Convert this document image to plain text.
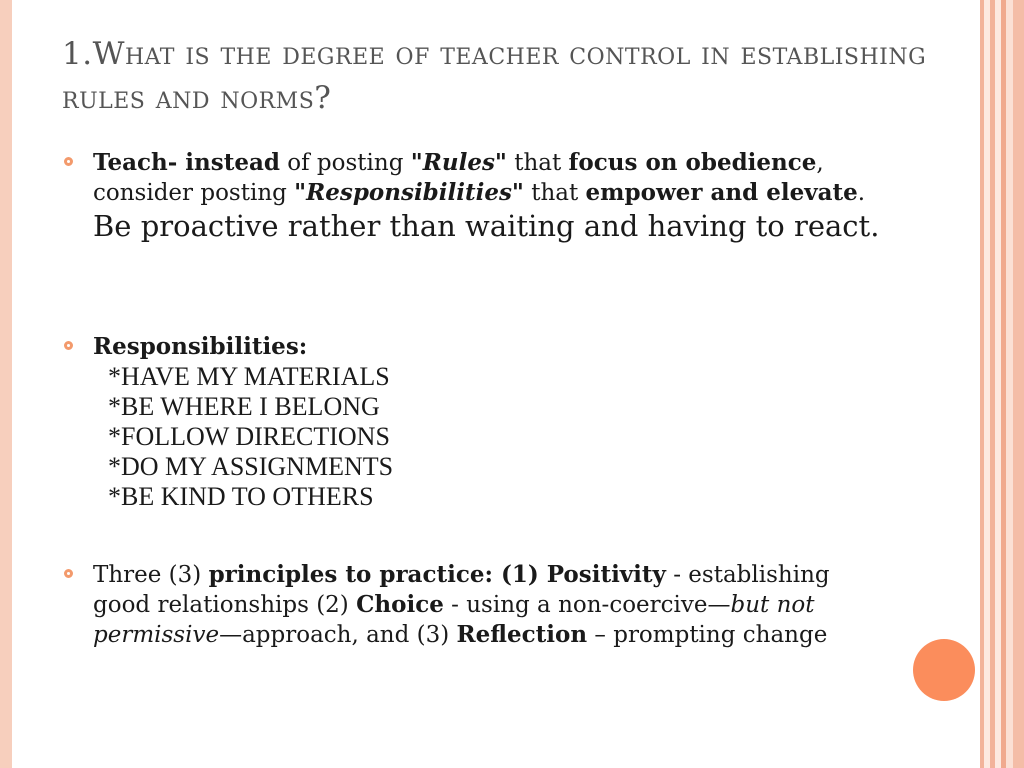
1.What is the degree of teacher control in establishing rules and norms?
Teach- instead of posting "Rules" that focus on obedience, consider posting "Responsibilities" that empower and elevate. Be proactive rather than waiting and having to react.
Responsibilities:
*HAVE MY MATERIALS
*BE WHERE I BELONG
*FOLLOW DIRECTIONS
*DO MY ASSIGNMENTS
*BE KIND TO OTHERS
Three (3) principles to practice: (1) Positivity - establishing good relationships (2) Choice - using a non-coercive—but not permissive—approach, and (3) Reflection – prompting change
